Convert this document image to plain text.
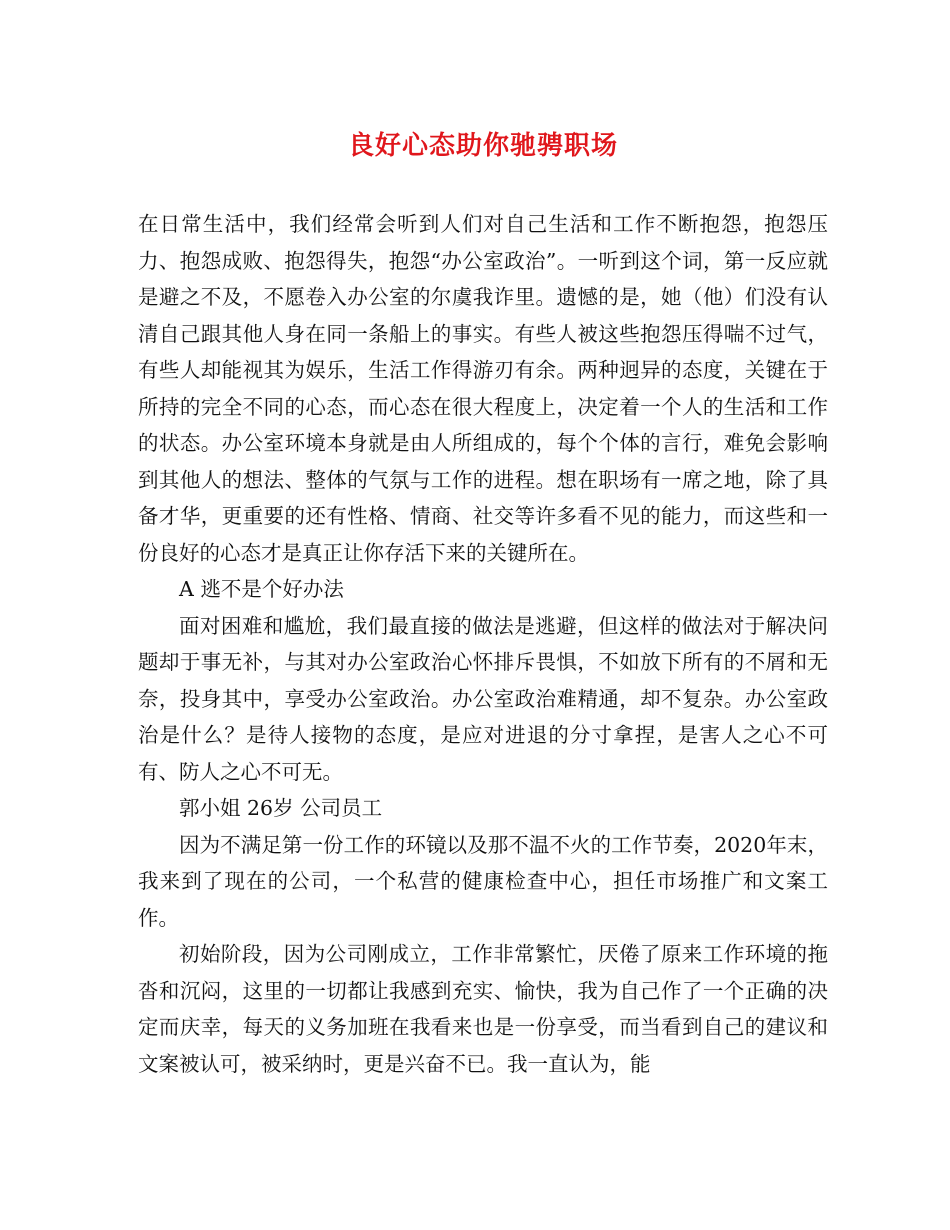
良好心态助你驰骋职场

在日常生活中，我们经常会听到人们对自己生活和工作不断抱怨，抱怨压力、抱怨成败、抱怨得失，抱怨“办公室政治”。一听到这个词，第一反应就是避之不及，不愿卷入办公室的尔虞我诈里。遗憾的是，她（他）们没有认清自己跟其他人身在同一条船上的事实。有些人被这些抱怨压得喘不过气，有些人却能视其为娱乐，生活工作得游刃有余。两种迥异的态度，关键在于所持的完全不同的心态，而心态在很大程度上，决定着一个人的生活和工作的状态。办公室环境本身就是由人所组成的，每个个体的言行，难免会影响到其他人的想法、整体的气氛与工作的进程。想在职场有一席之地，除了具备才华，更重要的还有性格、情商、社交等许多看不见的能力，而这些和一份良好的心态才是真正让你存活下来的关键所在。

A 逃不是个好办法

面对困难和尴尬，我们最直接的做法是逃避，但这样的做法对于解决问题却于事无补，与其对办公室政治心怀排斥畏惧，不如放下所有的不屑和无奈，投身其中，享受办公室政治。办公室政治难精通，却不复杂。办公室政治是什么？是待人接物的态度，是应对进退的分寸拿捏，是害人之心不可有、防人之心不可无。

郭小姐 26岁 公司员工

因为不满足第一份工作的环镜以及那不温不火的工作节奏，2020年末，我来到了现在的公司，一个私营的健康检查中心，担任市场推广和文案工作。

初始阶段，因为公司刚成立，工作非常繁忙，厌倦了原来工作环境的拖沓和沉闷，这里的一切都让我感到充实、愉快，我为自己作了一个正确的决定而庆幸，每天的义务加班在我看来也是一份享受，而当看到自己的建议和文案被认可，被采纳时，更是兴奋不已。我一直认为，能
